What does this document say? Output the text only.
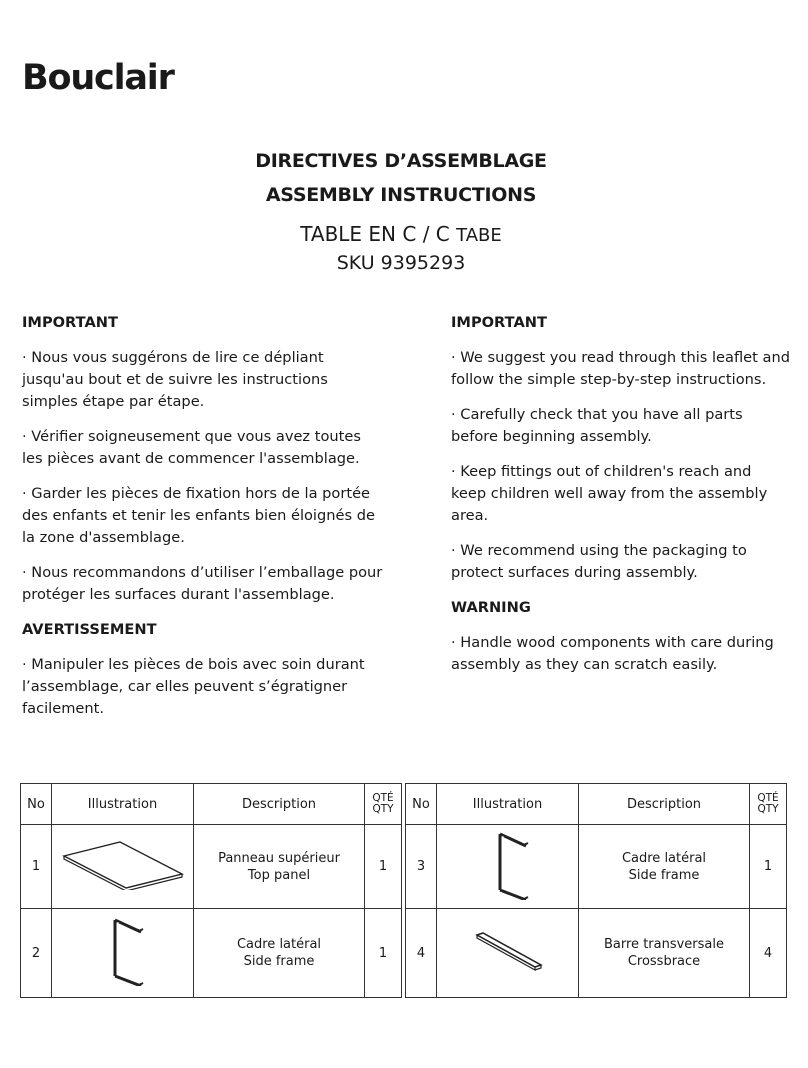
Bouclair
DIRECTIVES D’ASSEMBLAGE
ASSEMBLY INSTRUCTIONS
TABLE EN C / C TABE
SKU 9395293
IMPORTANT

· Nous vous suggérons de lire ce dépliant jusqu'au bout et de suivre les instructions simples étape par étape.

· Vérifier soigneusement que vous avez toutes les pièces avant de commencer l'assemblage.

· Garder les pièces de fixation hors de la portée des enfants et tenir les enfants bien éloignés de la zone d'assemblage.

· Nous recommandons d’utiliser l’emballage pour protéger les surfaces durant l'assemblage.

AVERTISSEMENT

· Manipuler les pièces de bois avec soin durant l’assemblage, car elles peuvent s’égratigner facilement.

IMPORTANT

· We suggest you read through this leaflet and follow the simple step-by-step instructions.

· Carefully check that you have all parts before beginning assembly.

· Keep fittings out of children's reach and keep children well away from the assembly area.

· We recommend using the packaging to protect surfaces during assembly.

WARNING

· Handle wood components with care during assembly as they can scratch easily.

No	Illustration	Description	QTÉ
QTY

1		Panneau supérieur
Top panel	1
2		Cadre latéral
Side frame	1
No	Illustration	Description	QTÉ
QTY

3		Cadre latéral
Side frame	1
4		Barre transversale
Crossbrace	4
